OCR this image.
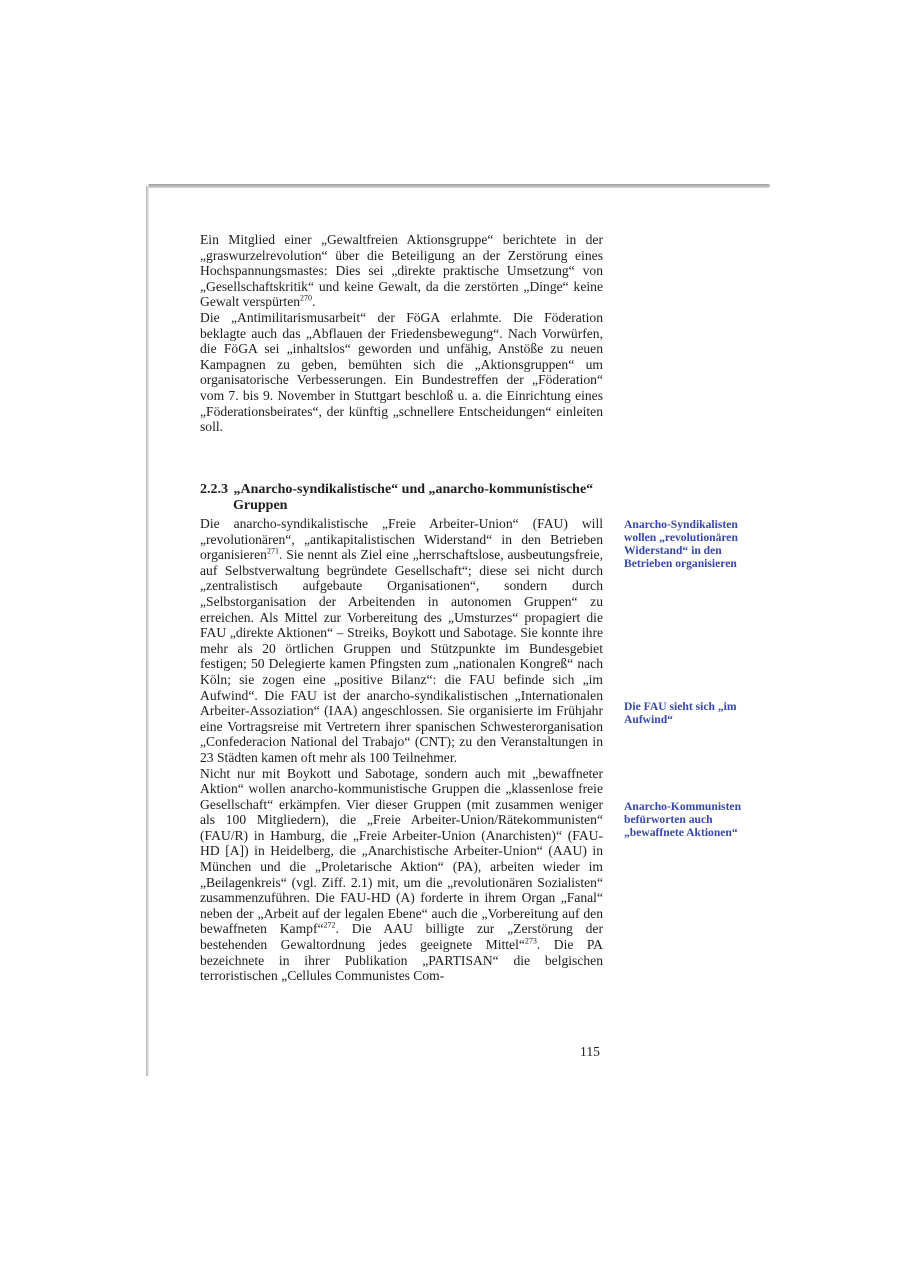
Ein Mitglied einer „Gewaltfreien Aktionsgruppe“ berichtete in der „graswurzelrevolution“ über die Beteiligung an der Zerstörung eines Hochspannungsmastes: Dies sei „direkte praktische Umsetzung“ von „Gesellschaftskritik“ und keine Gewalt, da die zerstörten „Dinge“ keine Gewalt verspürten$^{270}$.

Die „Antimilitarismusarbeit“ der FöGA erlahmte. Die Föderation beklagte auch das „Abflauen der Friedensbewegung“. Nach Vorwürfen, die FöGA sei „inhaltslos“ geworden und unfähig, Anstöße zu neuen Kampagnen zu geben, bemühten sich die „Aktionsgruppen“ um organisatorische Verbesserungen. Ein Bundestreffen der „Föderation“ vom 7. bis 9. November in Stuttgart beschloß u. a. die Einrichtung eines „Föderationsbeirates“, der künftig „schnellere Entscheidungen“ einleiten soll.

2.2.3 „Anarcho-syndikalistische“ und „anarcho-kommunistische“
Gruppen

Die anarcho-syndikalistische „Freie Arbeiter-Union“ (FAU) will „revolutionären“, „antikapitalistischen Widerstand“ in den Betrieben organisieren$^{271}$. Sie nennt als Ziel eine „herrschaftslose, ausbeutungsfreie, auf Selbstverwaltung begründete Gesellschaft“; diese sei nicht durch „zentralistisch aufgebaute Organisationen“, sondern durch „Selbstorganisation der Arbeitenden in autonomen Gruppen“ zu erreichen. Als Mittel zur Vorbereitung des „Umsturzes“ propagiert die FAU „direkte Aktionen“ – Streiks, Boykott und Sabotage. Sie konnte ihre mehr als 20 örtlichen Gruppen und Stützpunkte im Bundesgebiet festigen; 50 Delegierte kamen Pfingsten zum „nationalen Kongreß“ nach Köln; sie zogen eine „positive Bilanz“: die FAU befinde sich „im Aufwind“. Die FAU ist der anarcho-syndikalistischen „Internationalen Arbeiter-Assoziation“ (IAA) angeschlossen. Sie organisierte im Frühjahr eine Vortragsreise mit Vertretern ihrer spanischen Schwesterorganisation „Confederacion National del Trabajo“ (CNT); zu den Veranstaltungen in 23 Städten kamen oft mehr als 100 Teilnehmer.

Nicht nur mit Boykott und Sabotage, sondern auch mit „bewaffneter Aktion“ wollen anarcho-kommunistische Gruppen die „klassenlose freie Gesellschaft“ erkämpfen. Vier dieser Gruppen (mit zusammen weniger als 100 Mitgliedern), die „Freie Arbeiter-Union/Rätekommunisten“ (FAU/R) in Hamburg, die „Freie Arbeiter-Union (Anarchisten)“ (FAU-HD [A]) in Heidelberg, die „Anarchistische Arbeiter-Union“ (AAU) in München und die „Proletarische Aktion“ (PA), arbeiten wieder im „Beilagenkreis“ (vgl. Ziff. 2.1) mit, um die „revolutionären Sozialisten“ zusammenzuführen. Die FAU-HD (A) forderte in ihrem Organ „Fanal“ neben der „Arbeit auf der legalen Ebene“ auch die „Vorbereitung auf den bewaffneten Kampf“$^{272}$. Die AAU billigte zur „Zerstörung der bestehenden Gewaltordnung jedes geeignete Mittel“$^{273}$. Die PA bezeichnete in ihrer Publikation „PARTISAN“ die belgischen terroristischen „Cellules Communistes Com-

Anarcho-Syndikalisten wollen „revolutionären Widerstand“ in den Betrieben organisieren
Die FAU sieht sich „im Aufwind“
Anarcho-Kommunisten befürworten auch „bewaffnete Aktionen“
115
